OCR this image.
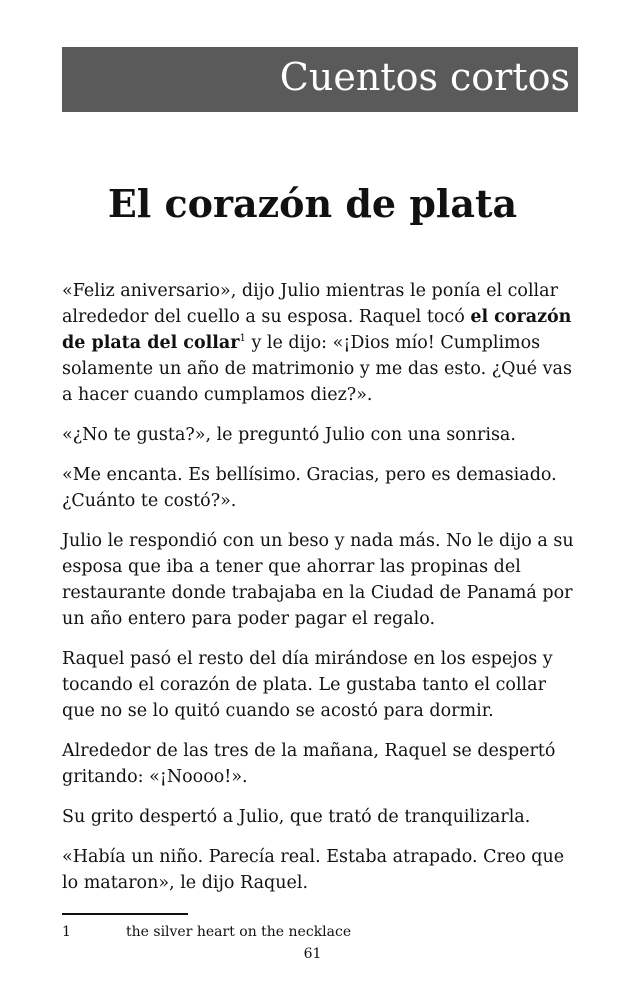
Cuentos cortos
El corazón de plata

«Feliz aniversario», dijo Julio mientras le ponía el collar alrededor del cuello a su esposa. Raquel tocó el corazón de plata del collar$^1$ y le dijo: «¡Dios mío! Cumplimos solamente un año de matrimonio y me das esto. ¿Qué vas a hacer cuando cumplamos diez?».

«¿No te gusta?», le preguntó Julio con una sonrisa.

«Me encanta. Es bellísimo. Gracias, pero es demasiado. ¿Cuánto te costó?».

Julio le respondió con un beso y nada más. No le dijo a su esposa que iba a tener que ahorrar las propinas del restaurante donde trabajaba en la Ciudad de Panamá por un año entero para poder pagar el regalo.

Raquel pasó el resto del día mirándose en los espejos y tocando el corazón de plata. Le gustaba tanto el collar que no se lo quitó cuando se acostó para dormir.

Alrededor de las tres de la mañana, Raquel se despertó gritando: «¡Noooo!».

Su grito despertó a Julio, que trató de tranquilizarla.

«Había un niño. Parecía real. Estaba atrapado. Creo que lo mataron», le dijo Raquel.

1	the silver heart on the necklace
61
